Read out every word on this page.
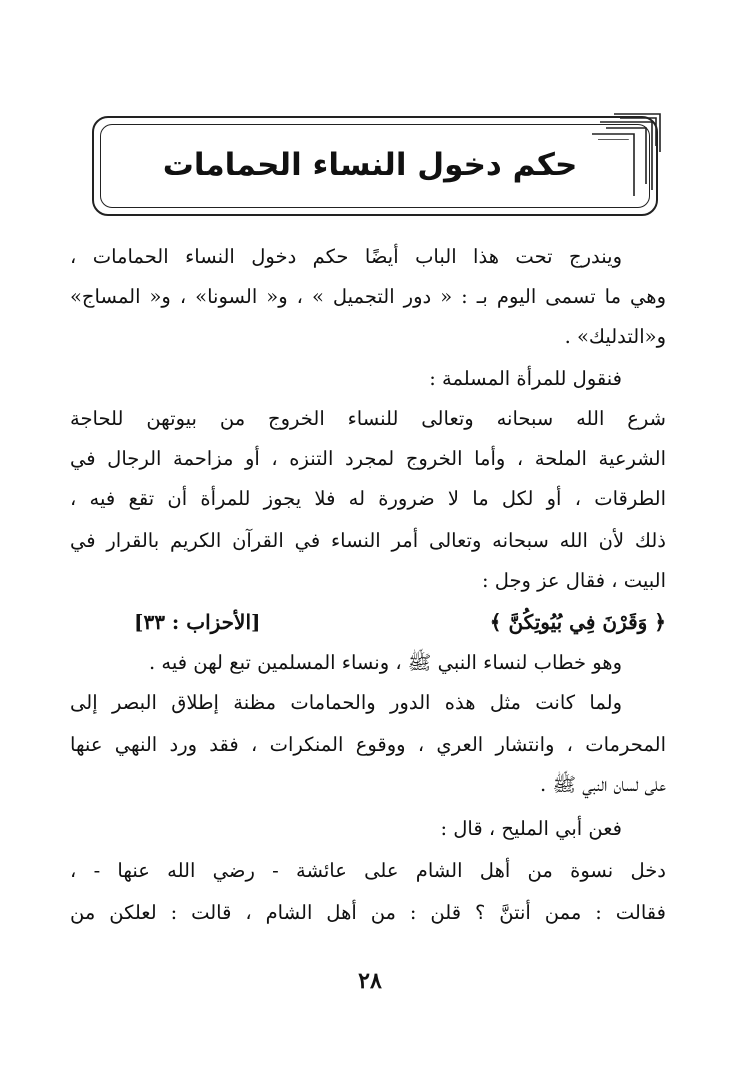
حكم دخول النساء الحمامات
ويندرج تحت هذا الباب أيضًا حكم دخول النساء الحمامات ،
وهي ما تسمى اليوم بـ : « دور التجميل » ، و« السونا» ، و« المساج»
و«التدليك» .
فنقول للمرأة المسلمة :
شرع الله سبحانه وتعالى للنساء الخروج من بيوتهن للحاجة
الشرعية الملحة ، وأما الخروج لمجرد التنزه ، أو مزاحمة الرجال في
الطرقات ، أو لكل ما لا ضرورة له فلا يجوز للمرأة أن تقع فيه ،
ذلك لأن الله سبحانه وتعالى أمر النساء في القرآن الكريم بالقرار في
البيت ، فقال عز وجل :
﴿ وَقَرْنَ فِي بُيُوتِكُنَّ ﴾
[الأحزاب : ٣٣]
وهو خطاب لنساء النبي ﷺ ، ونساء المسلمين تبع لهن فيه .
ولما كانت مثل هذه الدور والحمامات مظنة إطلاق البصر إلى
المحرمات ، وانتشار العري ، ووقوع المنكرات ، فقد ورد النهي عنها
على لسان النبي ﷺ .
فعن أبي المليح ، قال :
دخل نسوة من أهل الشام على عائشة - رضي الله عنها - ،
فقالت : ممن أنتنَّ ؟ قلن : من أهل الشام ، قالت : لعلكن من
٢٨
